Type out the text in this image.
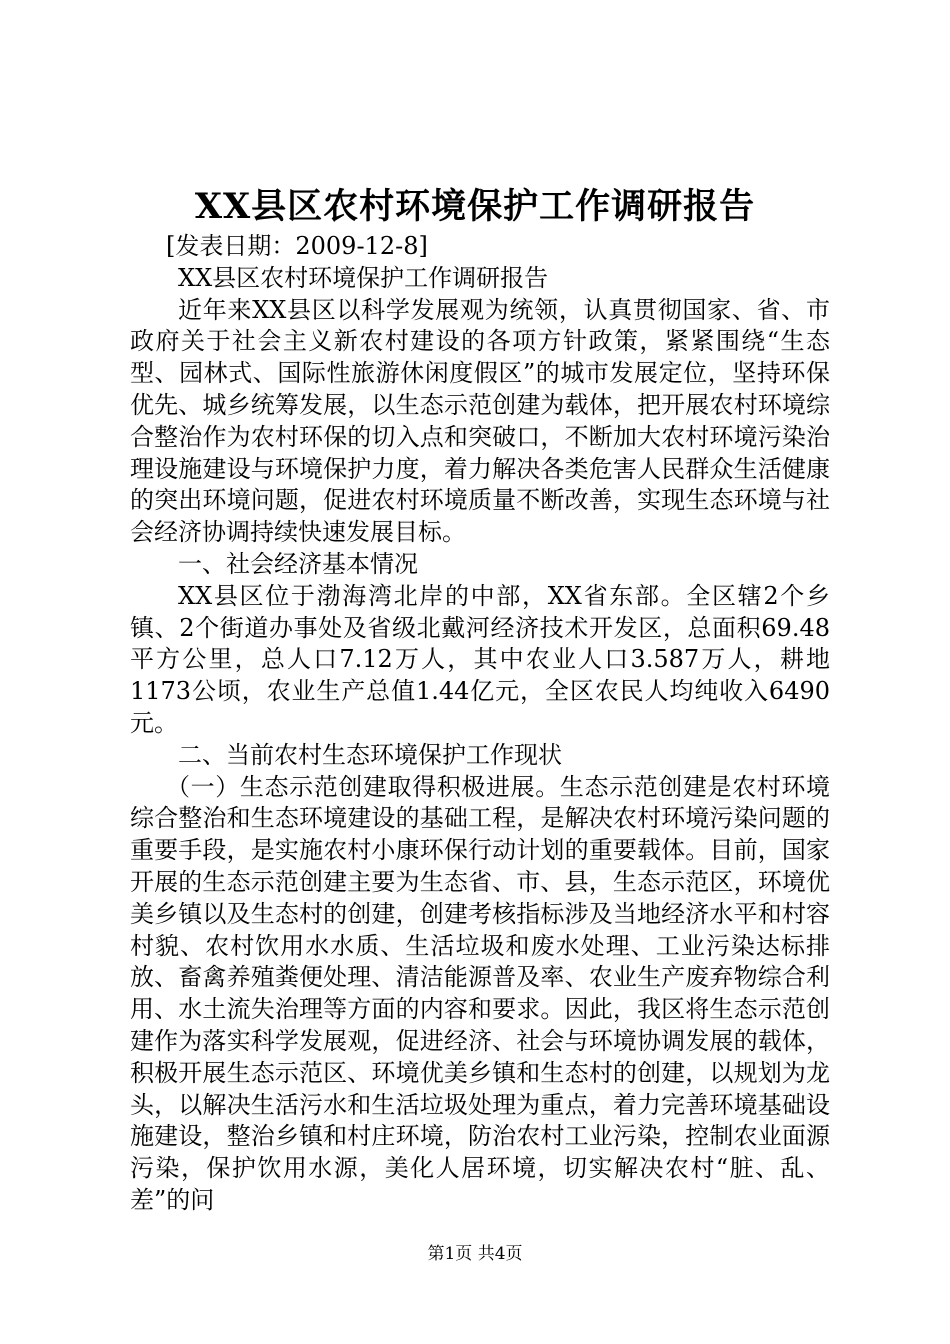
XX县区农村环境保护工作调研报告

[发表日期：2009-12-8]

XX县区农村环境保护工作调研报告

近年来XX县区以科学发展观为统领，认真贯彻国家、省、市政府关于社会主义新农村建设的各项方针政策，紧紧围绕“生态型、园林式、国际性旅游休闲度假区”的城市发展定位，坚持环保优先、城乡统筹发展，以生态示范创建为载体，把开展农村环境综合整治作为农村环保的切入点和突破口，不断加大农村环境污染治理设施建设与环境保护力度，着力解决各类危害人民群众生活健康的突出环境问题，促进农村环境质量不断改善，实现生态环境与社会经济协调持续快速发展目标。

一、社会经济基本情况

XX县区位于渤海湾北岸的中部，XX省东部。全区辖2个乡镇、2个街道办事处及省级北戴河经济技术开发区，总面积69.48平方公里，总人口7.12万人，其中农业人口3.587万人，耕地1173公顷，农业生产总值1.44亿元，全区农民人均纯收入6490元。

二、当前农村生态环境保护工作现状

（一）生态示范创建取得积极进展。生态示范创建是农村环境综合整治和生态环境建设的基础工程，是解决农村环境污染问题的重要手段，是实施农村小康环保行动计划的重要载体。目前，国家开展的生态示范创建主要为生态省、市、县，生态示范区，环境优美乡镇以及生态村的创建，创建考核指标涉及当地经济水平和村容村貌、农村饮用水水质、生活垃圾和废水处理、工业污染达标排放、畜禽养殖粪便处理、清洁能源普及率、农业生产废弃物综合利用、水土流失治理等方面的内容和要求。因此，我区将生态示范创建作为落实科学发展观，促进经济、社会与环境协调发展的载体，积极开展生态示范区、环境优美乡镇和生态村的创建，以规划为龙头，以解决生活污水和生活垃圾处理为重点，着力完善环境基础设施建设，整治乡镇和村庄环境，防治农村工业污染，控制农业面源污染，保护饮用水源，美化人居环境，切实解决农村“脏、乱、差”的问

第1页 共4页
